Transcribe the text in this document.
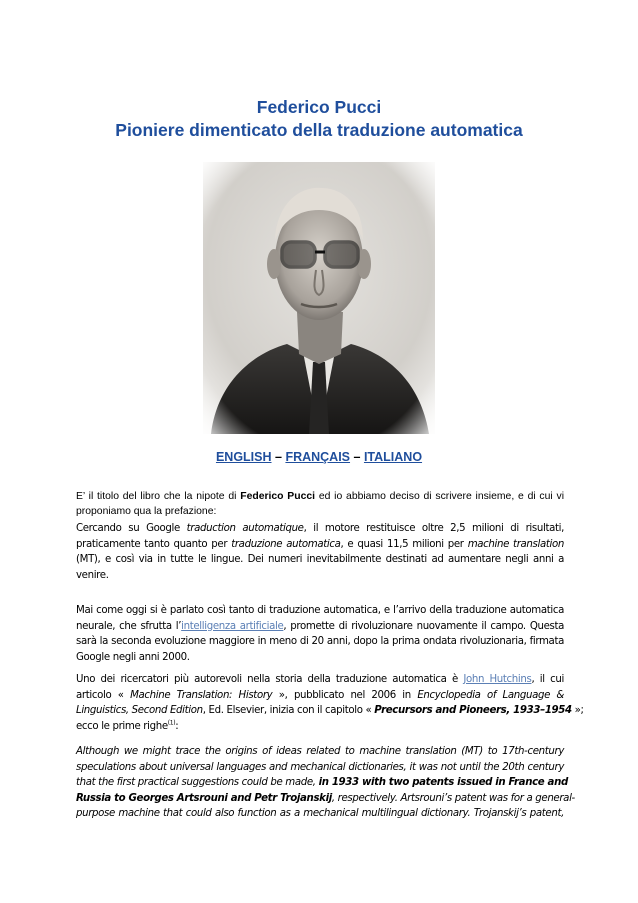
Federico Pucci
Pioniere dimenticato della traduzione automatica
ENGLISH – FRANÇAIS – ITALIANO
E’ il titolo del libro che la nipote di Federico Pucci ed io abbiamo deciso di scrivere insieme, e di cui vi
proponiamo qua la prefazione:
Cercando su Google traduction automatique, il motore restituisce oltre 2,5 milioni di risultati,
praticamente tanto quanto per traduzione automatica, e quasi 11,5 milioni per machine translation
(MT), e così via in tutte le lingue. Dei numeri inevitabilmente destinati ad aumentare negli anni a
venire.
Mai come oggi si è parlato così tanto di traduzione automatica, e l’arrivo della traduzione automatica
neurale, che sfrutta l’intelligenza artificiale, promette di rivoluzionare nuovamente il campo. Questa
sarà la seconda evoluzione maggiore in meno di 20 anni, dopo la prima ondata rivoluzionaria, firmata
Google negli anni 2000.
Uno dei ricercatori più autorevoli nella storia della traduzione automatica è John Hutchins, il cui
articolo « Machine Translation: History », pubblicato nel 2006 in Encyclopedia of Language &
Linguistics, Second Edition, Ed. Elsevier, inizia con il capitolo « Precursors and Pioneers, 1933–1954 »;
ecco le prime righe$^{(1)}$:
Although we might trace the origins of ideas related to machine translation (MT) to 17th-century
speculations about universal languages and mechanical dictionaries, it was not until the 20th century
that the first practical suggestions could be made, in 1933 with two patents issued in France and
Russia to Georges Artsrouni and Petr Trojanskij, respectively. Artsrouni’s patent was for a general-
purpose machine that could also function as a mechanical multilingual dictionary. Trojanskij’s patent,
